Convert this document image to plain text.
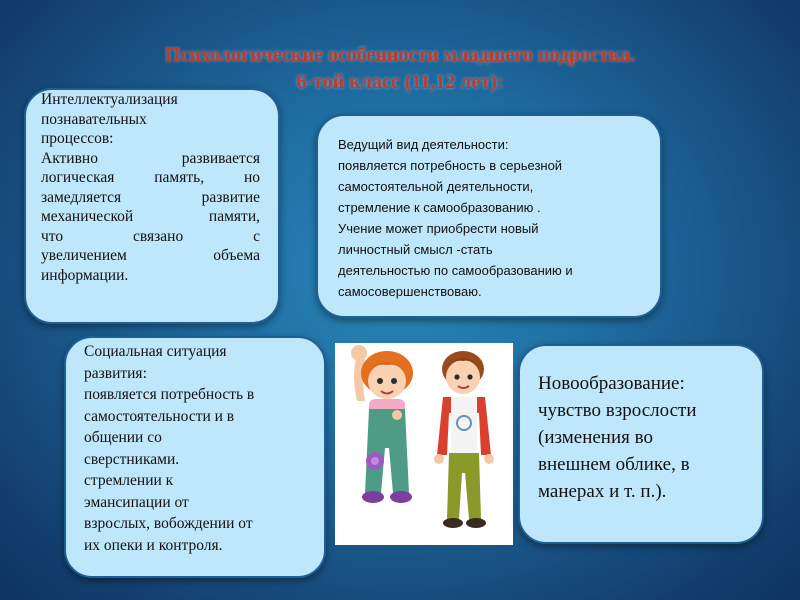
Психологические особенности младшего подростка.
6-той класс (11,12 лет):
Интеллектуализация
познавательных
процессов:
Активно развивается
логическая память, но
замедляется развитие
механической памяти,
что связано с
увеличением объема
информации.
Ведущий вид деятельности:
появляется потребность в серьезной
самостоятельной деятельности,
стремление к самообразованию .
Учение может приобрести новый
личностный смысл -стать
деятельностью по самообразованию и
самосовершенствоваю.
Социальная ситуация
развития:
появляется потребность в
самостоятельности и в
общении со
сверстниками.
стремлении к
эмансипации от
взрослых, вобождении от
их опеки и контроля.
Новообразование:
чувство взрослости
(изменения во
внешнем облике, в
манерах и т. п.).
